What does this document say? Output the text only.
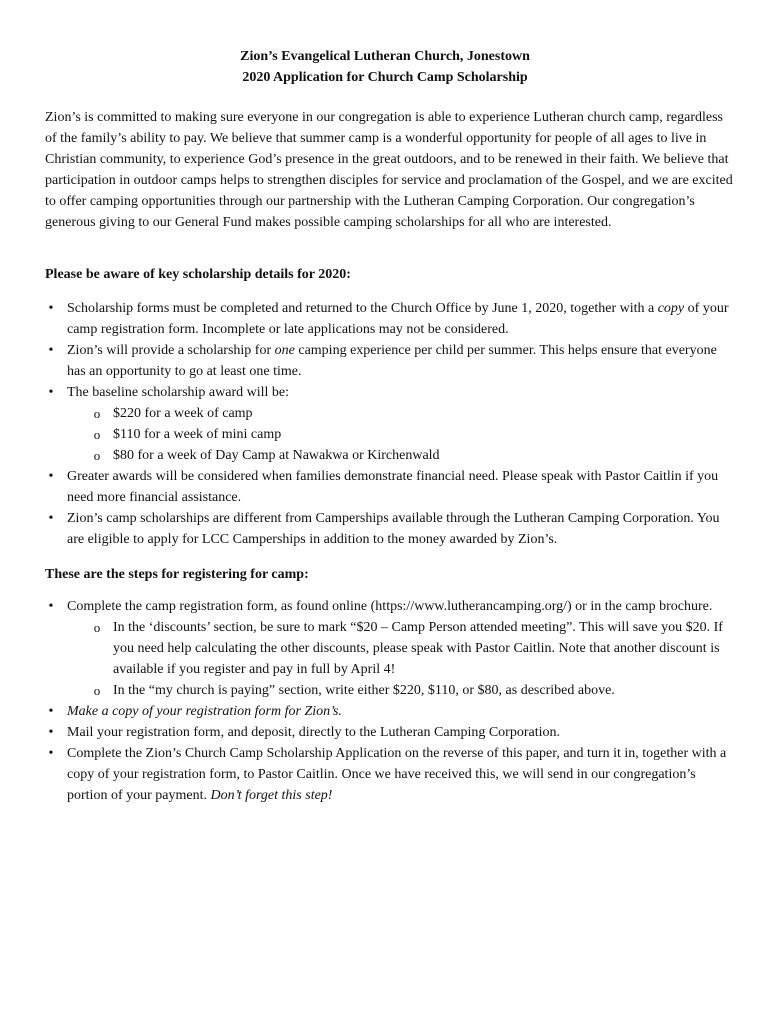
Zion’s Evangelical Lutheran Church, Jonestown
2020 Application for Church Camp Scholarship

Zion’s is committed to making sure everyone in our congregation is able to experience Lutheran church camp, regardless of the family’s ability to pay. We believe that summer camp is a wonderful opportunity for people of all ages to live in Christian community, to experience God’s presence in the great outdoors, and to be renewed in their faith. We believe that participation in outdoor camps helps to strengthen disciples for service and proclamation of the Gospel, and we are excited to offer camping opportunities through our partnership with the Lutheran Camping Corporation. Our congregation’s generous giving to our General Fund makes possible camping scholarships for all who are interested.

Please be aware of key scholarship details for 2020:

• Scholarship forms must be completed and returned to the Church Office by June 1, 2020, together with a copy of your camp registration form. Incomplete or late applications may not be considered.
• Zion’s will provide a scholarship for one camping experience per child per summer. This helps ensure that everyone has an opportunity to go at least one time.
• The baseline scholarship award will be:
o $220 for a week of camp
o $110 for a week of mini camp
o $80 for a week of Day Camp at Nawakwa or Kirchenwald
• Greater awards will be considered when families demonstrate financial need. Please speak with Pastor Caitlin if you need more financial assistance.
• Zion’s camp scholarships are different from Camperships available through the Lutheran Camping Corporation. You are eligible to apply for LCC Camperships in addition to the money awarded by Zion’s.

These are the steps for registering for camp:

• Complete the camp registration form, as found online (https://www.lutherancamping.org/) or in the camp brochure.
o In the ‘discounts’ section, be sure to mark “$20 – Camp Person attended meeting”. This will save you $20. If you need help calculating the other discounts, please speak with Pastor Caitlin. Note that another discount is available if you register and pay in full by April 4!
o In the “my church is paying” section, write either $220, $110, or $80, as described above.
• Make a copy of your registration form for Zion’s.
• Mail your registration form, and deposit, directly to the Lutheran Camping Corporation.
• Complete the Zion’s Church Camp Scholarship Application on the reverse of this paper, and turn it in, together with a copy of your registration form, to Pastor Caitlin. Once we have received this, we will send in our congregation’s portion of your payment. Don’t forget this step!
